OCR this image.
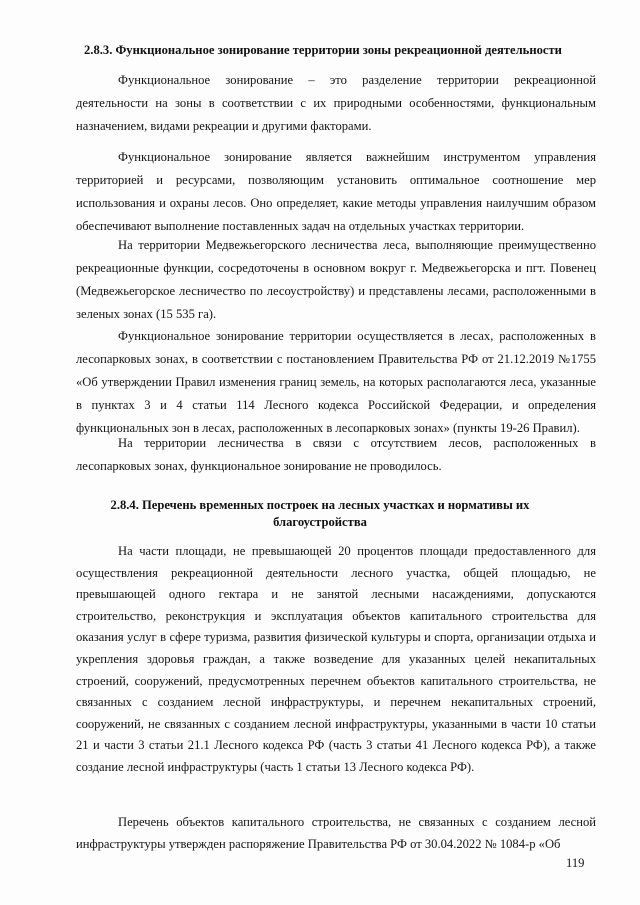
2.8.3. Функциональное зонирование территории зоны рекреационной деятельности

Функциональное зонирование – это разделение территории рекреационной деятельности на зоны в соответствии с их природными особенностями, функциональным назначением, видами рекреации и другими факторами.

Функциональное зонирование является важнейшим инструментом управления территорией и ресурсами, позволяющим установить оптимальное соотношение мер использования и охраны лесов. Оно определяет, какие методы управления наилучшим образом обеспечивают выполнение поставленных задач на отдельных участках территории.

На территории Медвежьегорского лесничества леса, выполняющие преимущественно рекреационные функции, сосредоточены в основном вокруг г. Медвежьегорска и пгт. Повенец (Медвежьегорское лесничество по лесоустройству) и представлены лесами, расположенными в зеленых зонах (15 535 га).

Функциональное зонирование территории осуществляется в лесах, расположенных в лесопарковых зонах, в соответствии с постановлением Правительства РФ от 21.12.2019 №1755 «Об утверждении Правил изменения границ земель, на которых располагаются леса, указанные в пунктах 3 и 4 статьи 114 Лесного кодекса Российской Федерации, и определения функциональных зон в лесах, расположенных в лесопарковых зонах» (пункты 19-26 Правил).

На территории лесничества в связи с отсутствием лесов, расположенных в лесопарковых зонах, функциональное зонирование не проводилось.

2.8.4. Перечень временных построек на лесных участках и нормативы их благоустройства

На части площади, не превышающей 20 процентов площади предоставленного для осуществления рекреационной деятельности лесного участка, общей площадью, не превышающей одного гектара и не занятой лесными насаждениями, допускаются строительство, реконструкция и эксплуатация объектов капитального строительства для оказания услуг в сфере туризма, развития физической культуры и спорта, организации отдыха и укрепления здоровья граждан, а также возведение для указанных целей некапитальных строений, сооружений, предусмотренных перечнем объектов капитального строительства, не связанных с созданием лесной инфраструктуры, и перечнем некапитальных строений, сооружений, не связанных с созданием лесной инфраструктуры, указанными в части 10 статьи 21 и части 3 статьи 21.1 Лесного кодекса РФ (часть 3 статьи 41 Лесного кодекса РФ), а также создание лесной инфраструктуры (часть 1 статьи 13 Лесного кодекса РФ).

Перечень объектов капитального строительства, не связанных с созданием лесной инфраструктуры утвержден распоряжение Правительства РФ от 30.04.2022 № 1084-р «Об

119
